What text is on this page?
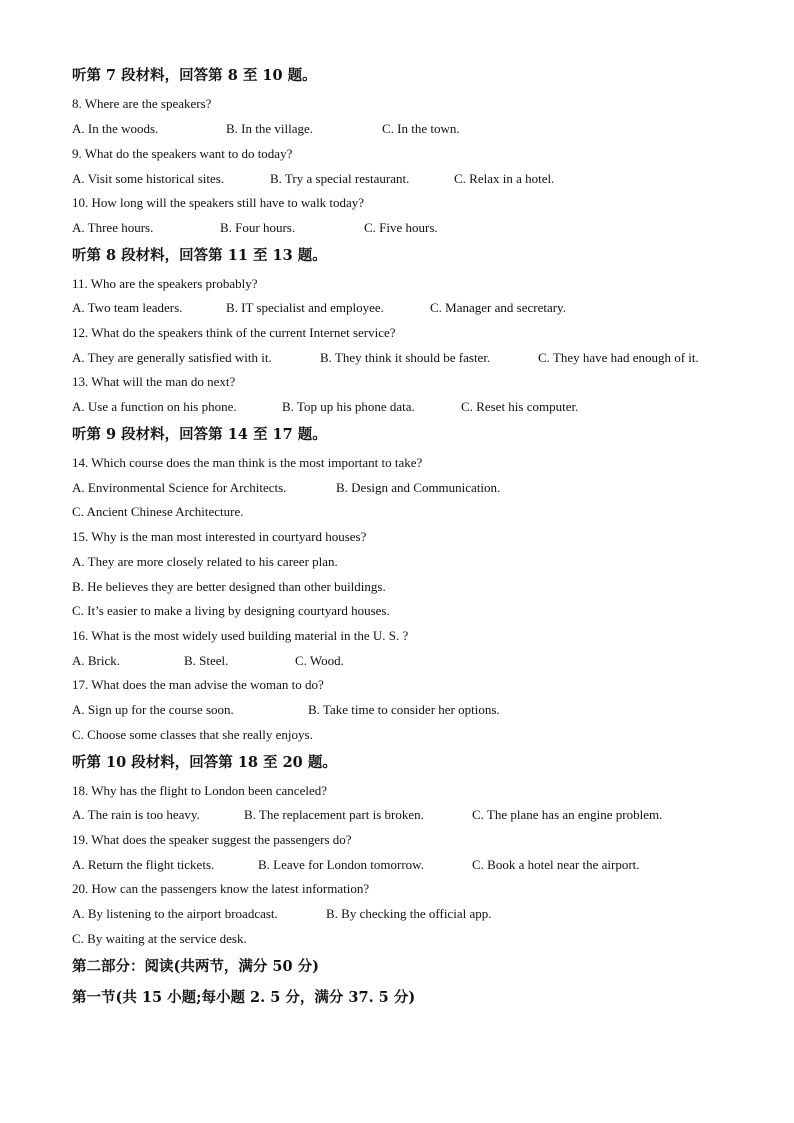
听第 7 段材料，回答第 8 至 10 题。
8. Where are the speakers?
A. In the woods.	B. In the village.	C. In the town.
9. What do the speakers want to do today?
A. Visit some historical sites.	B. Try a special restaurant.	C. Relax in a hotel.
10. How long will the speakers still have to walk today?
A. Three hours.	B. Four hours.	C. Five hours.
听第 8 段材料，回答第 11 至 13 题。
11. Who are the speakers probably?
A. Two team leaders.	B. IT specialist and employee.	C. Manager and secretary.
12. What do the speakers think of the current Internet service?
A. They are generally satisfied with it.	B. They think it should be faster.	C. They have had enough of it.
13. What will the man do next?
A. Use a function on his phone.	B. Top up his phone data.	C. Reset his computer.
听第 9 段材料，回答第 14 至 17 题。
14. Which course does the man think is the most important to take?
A. Environmental Science for Architects.	B. Design and Communication.
C. Ancient Chinese Architecture.
15. Why is the man most interested in courtyard houses?
A. They are more closely related to his career plan.
B. He believes they are better designed than other buildings.
C. It’s easier to make a living by designing courtyard houses.
16. What is the most widely used building material in the U. S. ?
A. Brick.	B. Steel.	C. Wood.
17. What does the man advise the woman to do?
A. Sign up for the course soon.	B. Take time to consider her options.
C. Choose some classes that she really enjoys.
听第 10 段材料，回答第 18 至 20 题。
18. Why has the flight to London been canceled?
A. The rain is too heavy.	B. The replacement part is broken.	C. The plane has an engine problem.
19. What does the speaker suggest the passengers do?
A. Return the flight tickets.	B. Leave for London tomorrow.	C. Book a hotel near the airport.
20. How can the passengers know the latest information?
A. By listening to the airport broadcast.	B. By checking the official app.
C. By waiting at the service desk.
第二部分：阅读(共两节，满分 50 分)
第一节(共 15 小题;每小题 2. 5 分，满分 37. 5 分)
